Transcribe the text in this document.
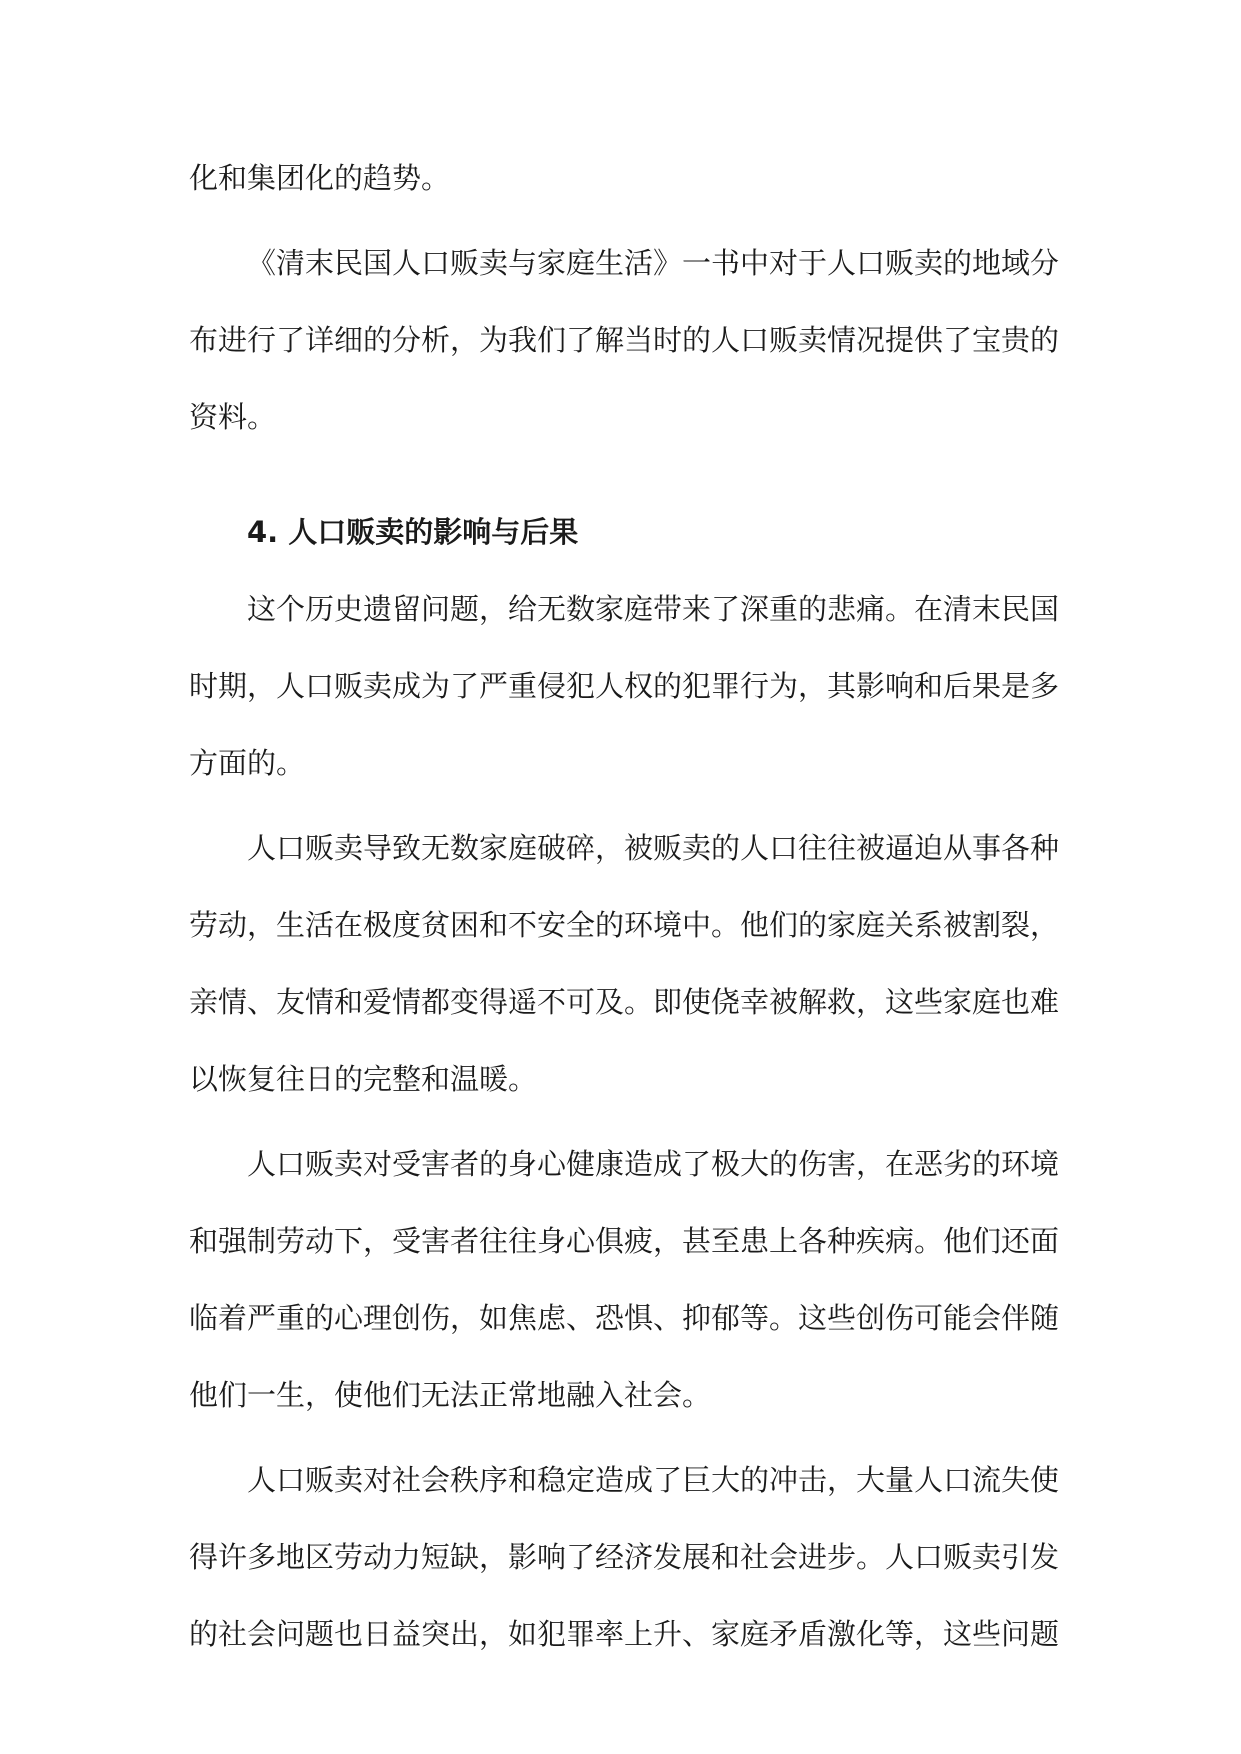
化和集团化的趋势。

《清末民国人口贩卖与家庭生活》一书中对于人口贩卖的地域分布进行了详细的分析，为我们了解当时的人口贩卖情况提供了宝贵的资料。

4. 人口贩卖的影响与后果

这个历史遗留问题，给无数家庭带来了深重的悲痛。在清末民国时期，人口贩卖成为了严重侵犯人权的犯罪行为，其影响和后果是多方面的。

人口贩卖导致无数家庭破碎，被贩卖的人口往往被逼迫从事各种劳动，生活在极度贫困和不安全的环境中。他们的家庭关系被割裂，亲情、友情和爱情都变得遥不可及。即使侥幸被解救，这些家庭也难以恢复往日的完整和温暖。

人口贩卖对受害者的身心健康造成了极大的伤害，在恶劣的环境和强制劳动下，受害者往往身心俱疲，甚至患上各种疾病。他们还面临着严重的心理创伤，如焦虑、恐惧、抑郁等。这些创伤可能会伴随他们一生，使他们无法正常地融入社会。

人口贩卖对社会秩序和稳定造成了巨大的冲击，大量人口流失使得许多地区劳动力短缺，影响了经济发展和社会进步。人口贩卖引发的社会问题也日益突出，如犯罪率上升、家庭矛盾激化等，这些问题
